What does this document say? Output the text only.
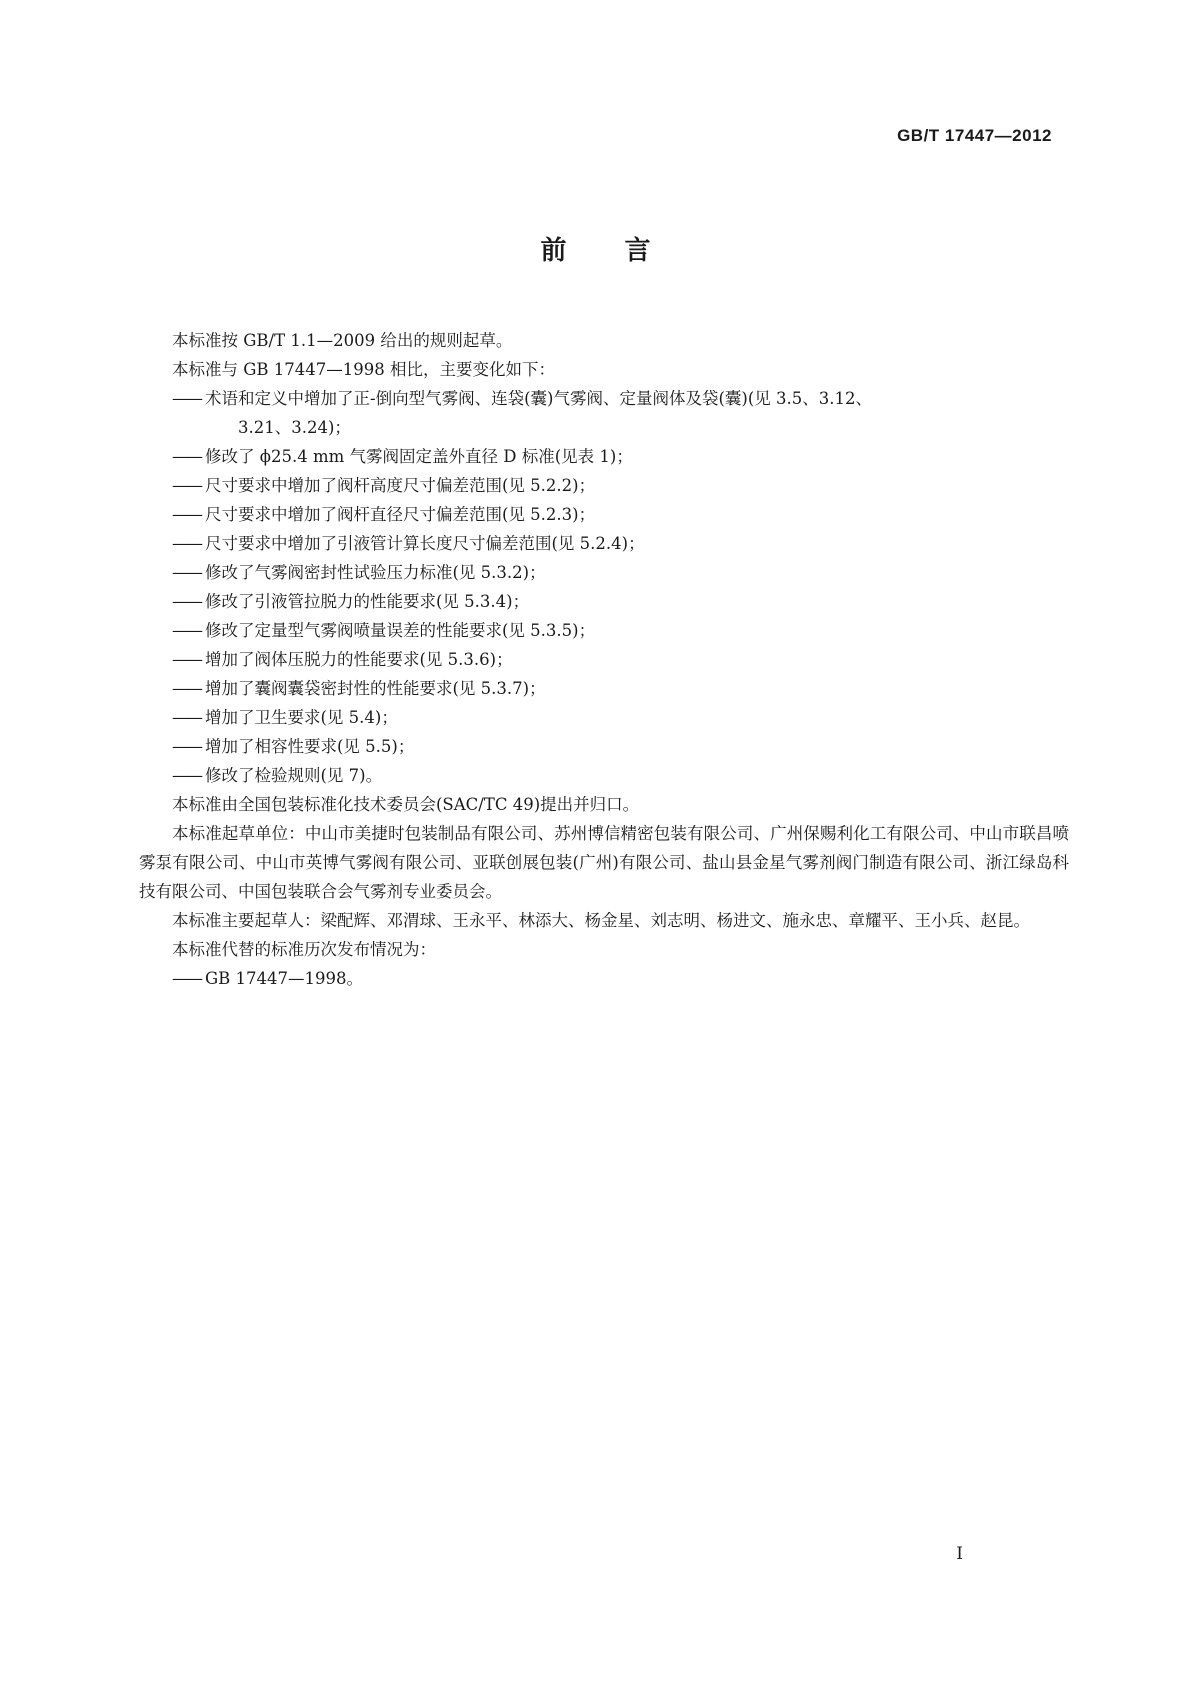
GB/T 17447—2012
前言

本标准按 GB/T 1.1—2009 给出的规则起草。

本标准与 GB 17447—1998 相比，主要变化如下：

—— 术语和定义中增加了正-倒向型气雾阀、连袋(囊)气雾阀、定量阀体及袋(囊)(见 3.5、3.12、
3.21、3.24)；
—— 修改了 ϕ25.4 mm 气雾阀固定盖外直径 D 标准(见表 1)；
—— 尺寸要求中增加了阀杆高度尺寸偏差范围(见 5.2.2)；
—— 尺寸要求中增加了阀杆直径尺寸偏差范围(见 5.2.3)；
—— 尺寸要求中增加了引液管计算长度尺寸偏差范围(见 5.2.4)；
—— 修改了气雾阀密封性试验压力标准(见 5.3.2)；
—— 修改了引液管拉脱力的性能要求(见 5.3.4)；
—— 修改了定量型气雾阀喷量误差的性能要求(见 5.3.5)；
—— 增加了阀体压脱力的性能要求(见 5.3.6)；
—— 增加了囊阀囊袋密封性的性能要求(见 5.3.7)；
—— 增加了卫生要求(见 5.4)；
—— 增加了相容性要求(见 5.5)；
—— 修改了检验规则(见 7)。

本标准由全国包装标准化技术委员会(SAC/TC 49)提出并归口。

本标准起草单位：中山市美捷时包装制品有限公司、苏州博信精密包装有限公司、广州保赐利化工有限公司、中山市联昌喷雾泵有限公司、中山市英博气雾阀有限公司、亚联创展包装(广州)有限公司、盐山县金星气雾剂阀门制造有限公司、浙江绿岛科技有限公司、中国包装联合会气雾剂专业委员会。

本标准主要起草人：梁配辉、邓渭球、王永平、林添大、杨金星、刘志明、杨进文、施永忠、章耀平、王小兵、赵昆。

本标准代替的标准历次发布情况为：

—— GB 17447—1998。
I
